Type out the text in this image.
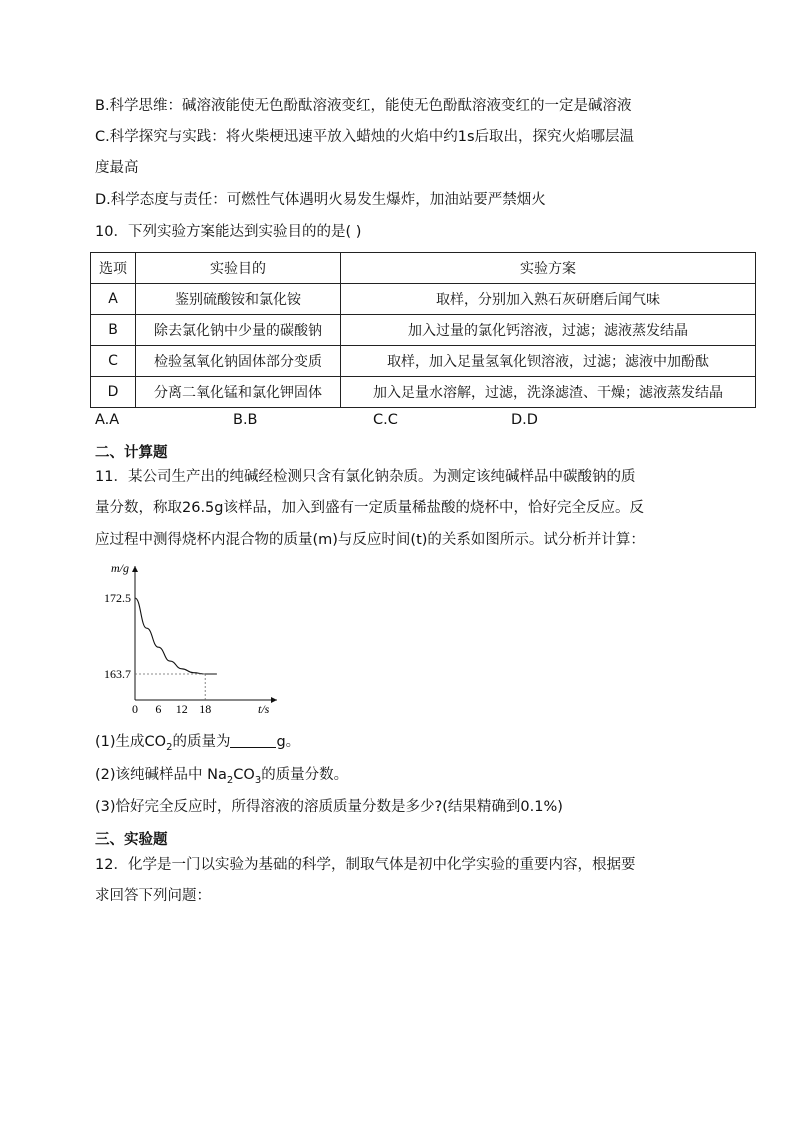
B.科学思维：碱溶液能使无色酚酞溶液变红，能使无色酚酞溶液变红的一定是碱溶液
C.科学探究与实践：将火柴梗迅速平放入蜡烛的火焰中约1s后取出，探究火焰哪层温
度最高
D.科学态度与责任：可燃性气体遇明火易发生爆炸，加油站要严禁烟火
10．下列实验方案能达到实验目的的是( )
选项	实验目的	实验方案
A	鉴别硫酸铵和氯化铵	取样，分别加入熟石灰研磨后闻气味
B	除去氯化钠中少量的碳酸钠	加入过量的氯化钙溶液，过滤；滤液蒸发结晶
C	检验氢氧化钠固体部分变质	取样，加入足量氢氧化钡溶液，过滤；滤液中加酚酞
D	分离二氧化锰和氯化钾固体	加入足量水溶解，过滤，洗涤滤渣、干燥；滤液蒸发结晶
A.A	B.B	C.C	D.D
二、计算题
11．某公司生产出的纯碱经检测只含有氯化钠杂质。为测定该纯碱样品中碳酸钠的质
量分数，称取26.5g该样品，加入到盛有一定质量稀盐酸的烧杯中，恰好完全反应。反
应过程中测得烧杯内混合物的质量(m)与反应时间(t)的关系如图所示。试分析并计算：
m/g
t/s
172.5
163.7
0 6 12 18
(1)生成$CO_2$的质量为	g。
(2)该纯碱样品中 $Na_2CO_3$的质量分数。
(3)恰好完全反应时，所得溶液的溶质质量分数是多少?(结果精确到0.1%)
三、实验题
12．化学是一门以实验为基础的科学，制取气体是初中化学实验的重要内容，根据要
求回答下列问题：
